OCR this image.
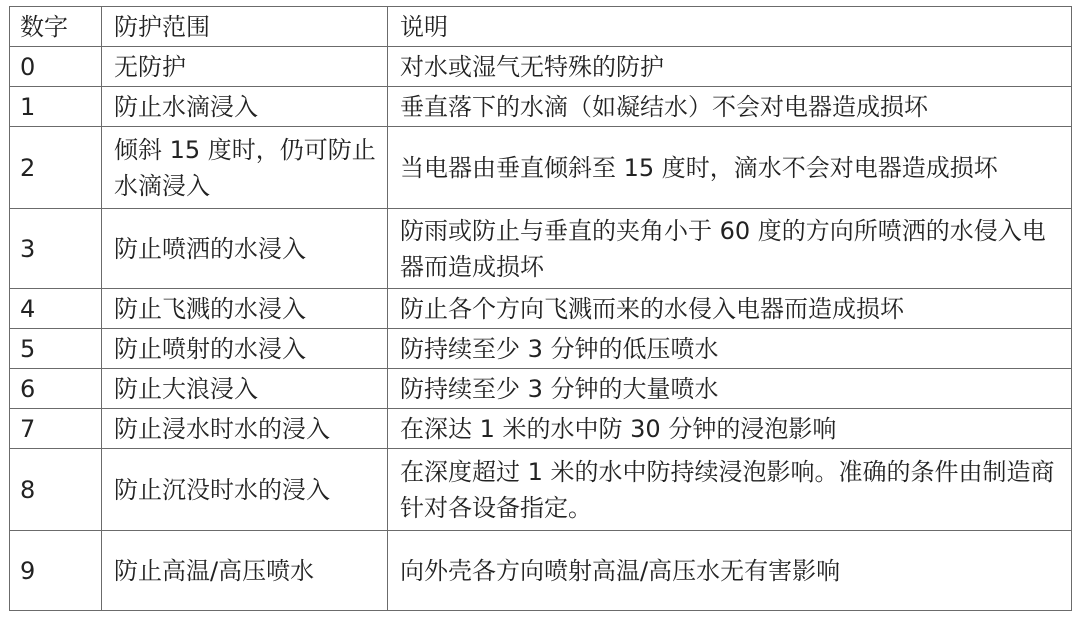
数字	防护范围	说明
0	无防护	对水或湿气无特殊的防护
1	防止水滴浸入	垂直落下的水滴（如凝结水）不会对电器造成损坏
2	倾斜 15 度时，仍可防止水滴浸入	当电器由垂直倾斜至 15 度时，滴水不会对电器造成损坏
3	防止喷洒的水浸入	防雨或防止与垂直的夹角小于 60 度的方向所喷洒的水侵入电器而造成损坏
4	防止飞溅的水浸入	防止各个方向飞溅而来的水侵入电器而造成损坏
5	防止喷射的水浸入	防持续至少 3 分钟的低压喷水
6	防止大浪浸入	防持续至少 3 分钟的大量喷水
7	防止浸水时水的浸入	在深达 1 米的水中防 30 分钟的浸泡影响
8	防止沉没时水的浸入	在深度超过 1 米的水中防持续浸泡影响。准确的条件由制造商针对各设备指定。
9	防止高温/高压喷水	向外壳各方向喷射高温/高压水无有害影响
